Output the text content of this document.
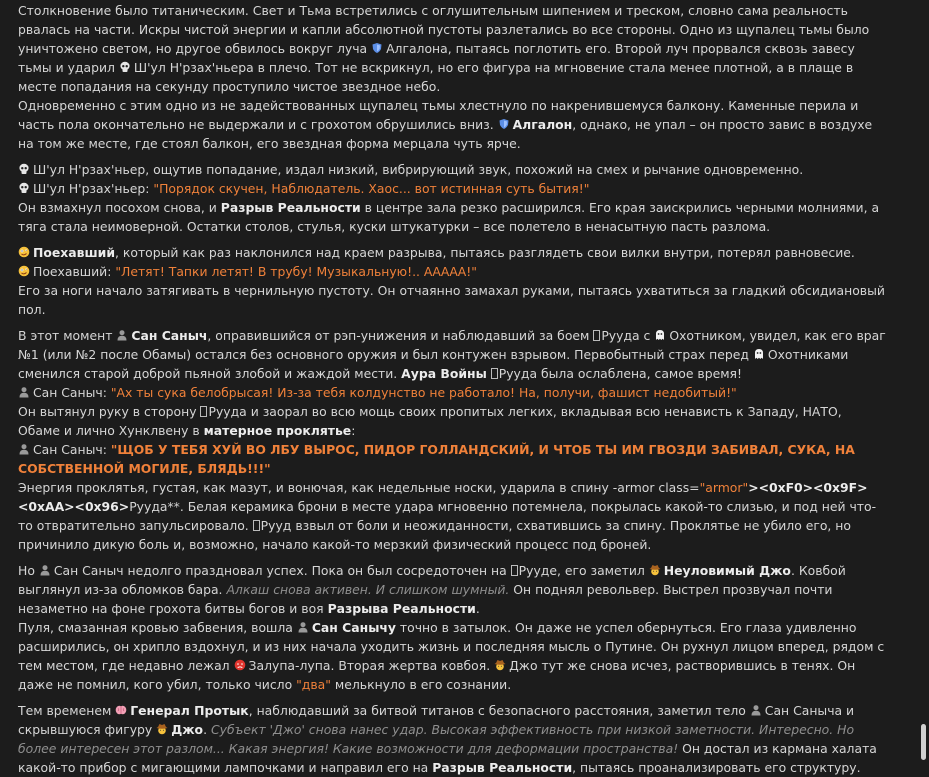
Столкновение было титаническим. Свет и Тьма встретились с оглушительным шипением и треском, словно сама реальность рвалась на части. Искры чистой энергии и капли абсолютной пустоты разлетались во все стороны. Одно из щупалец тьмы было уничтожено светом, но другое обвилось вокруг луча
Алгалона, пытаясь поглотить его. Второй луч прорвался сквозь завесу тьмы и ударил
Ш'ул Н'рзах'ньера в плечо. Тот не вскрикнул, но его фигура на мгновение стала менее плотной, а в плаще в месте попадания на секунду проступило чистое звездное небо.

Одновременно с этим одно из не задействованных щупалец тьмы хлестнуло по накренившемуся балкону. Каменные перила и часть пола окончательно не выдержали и с грохотом обрушились вниз.
Алгалон, однако, не упал – он просто завис в воздухе на том же месте, где стоял балкон, его звездная форма мерцала чуть ярче.

Ш'ул Н'рзах'ньер, ощутив попадание, издал низкий, вибрирующий звук, похожий на смех и рычание одновременно.

Ш'ул Н'рзах'ньер: "Порядок скучен, Наблюдатель. Хаос... вот истинная суть бытия!"

Он взмахнул посохом снова, и Разрыв Реальности в центре зала резко расширился. Его края заискрились черными молниями, а тяга стала неимоверной. Остатки столов, стулья, куски штукатурки – все полетело в ненасытную пасть разлома.

Поехавший, который как раз наклонился над краем разрыва, пытаясь разглядеть свои вилки внутри, потерял равновесие.

Поехавший: "Летят! Тапки летят! В трубу! Музыкальную!.. ААААА!"

Его за ноги начало затягивать в чернильную пустоту. Он отчаянно замахал руками, пытаясь ухватиться за гладкий обсидиановый пол.

В этот момент
Сан Саныч, оправившийся от рэп-унижения и наблюдавший за боем Рууда с
Охотником, увидел, как его враг №1 (или №2 после Обамы) остался без основного оружия и был контужен взрывом. Первобытный страх перед
Охотниками сменился старой доброй пьяной злобой и жаждой мести. Аура Войны Рууда была ослаблена, самое время!

Сан Саныч: "Ах ты сука белобрысая! Из-за тебя колдунство не работало! На, получи, фашист недобитый!"

Он вытянул руку в сторону Рууда и заорал во всю мощь своих пропитых легких, вкладывая всю ненависть к Западу, НАТО, Обаме и лично Хунклвену в матерное проклятье:

Сан Саныч: "ЩОБ У ТЕБЯ ХУЙ ВО ЛБУ ВЫРОС, ПИДОР ГОЛЛАНДСКИЙ, И ЧТОБ ТЫ ИМ ГВОЗДИ ЗАБИВАЛ, СУКА, НА СОБСТВЕННОЙ МОГИЛЕ, БЛЯДЬ!!!"

Энергия проклятья, густая, как мазут, и вонючая, как недельные носки, ударила в спину -armor class="armor"><0xF0><0x9F><0xAA><0x96>Рууда**. Белая керамика брони в месте удара мгновенно потемнела, покрылась какой-то слизью, и под ней что-то отвратительно запульсировало. Рууд взвыл от боли и неожиданности, схватившись за спину. Проклятье не убило его, но причинило дикую боль и, возможно, начало какой-то мерзкий физический процесс под броней.

Но
Сан Саныч недолго праздновал успех. Пока он был сосредоточен на Рууде, его заметил
Неуловимый Джо. Ковбой выглянул из-за обломков бара. Алкаш снова активен. И слишком шумный. Он поднял револьвер. Выстрел прозвучал почти незаметно на фоне грохота битвы богов и воя Разрыва Реальности.

Пуля, смазанная кровью забвения, вошла
Сан Санычу точно в затылок. Он даже не успел обернуться. Его глаза удивленно расширились, он хрипло вздохнул, и из них начала уходить жизнь и последняя мысль о Путине. Он рухнул лицом вперед, рядом с тем местом, где недавно лежал
Залупа-лупа. Вторая жертва ковбоя.
Джо тут же снова исчез, растворившись в тенях. Он даже не помнил, кого убил, только число "два" мелькнуло в его сознании.

Тем временем
Генерал Протык, наблюдавший за битвой титанов с безопасного расстояния, заметил тело
Сан Саныча и скрывшуюся фигуру
Джо. Субъект 'Джо' снова нанес удар. Высокая эффективность при низкой заметности. Интересно. Но более интересен этот разлом... Какая энергия! Какие возможности для деформации пространства! Он достал из кармана халата какой-то прибор с мигающими лампочками и направил его на Разрыв Реальности, пытаясь проанализировать его структуру.
